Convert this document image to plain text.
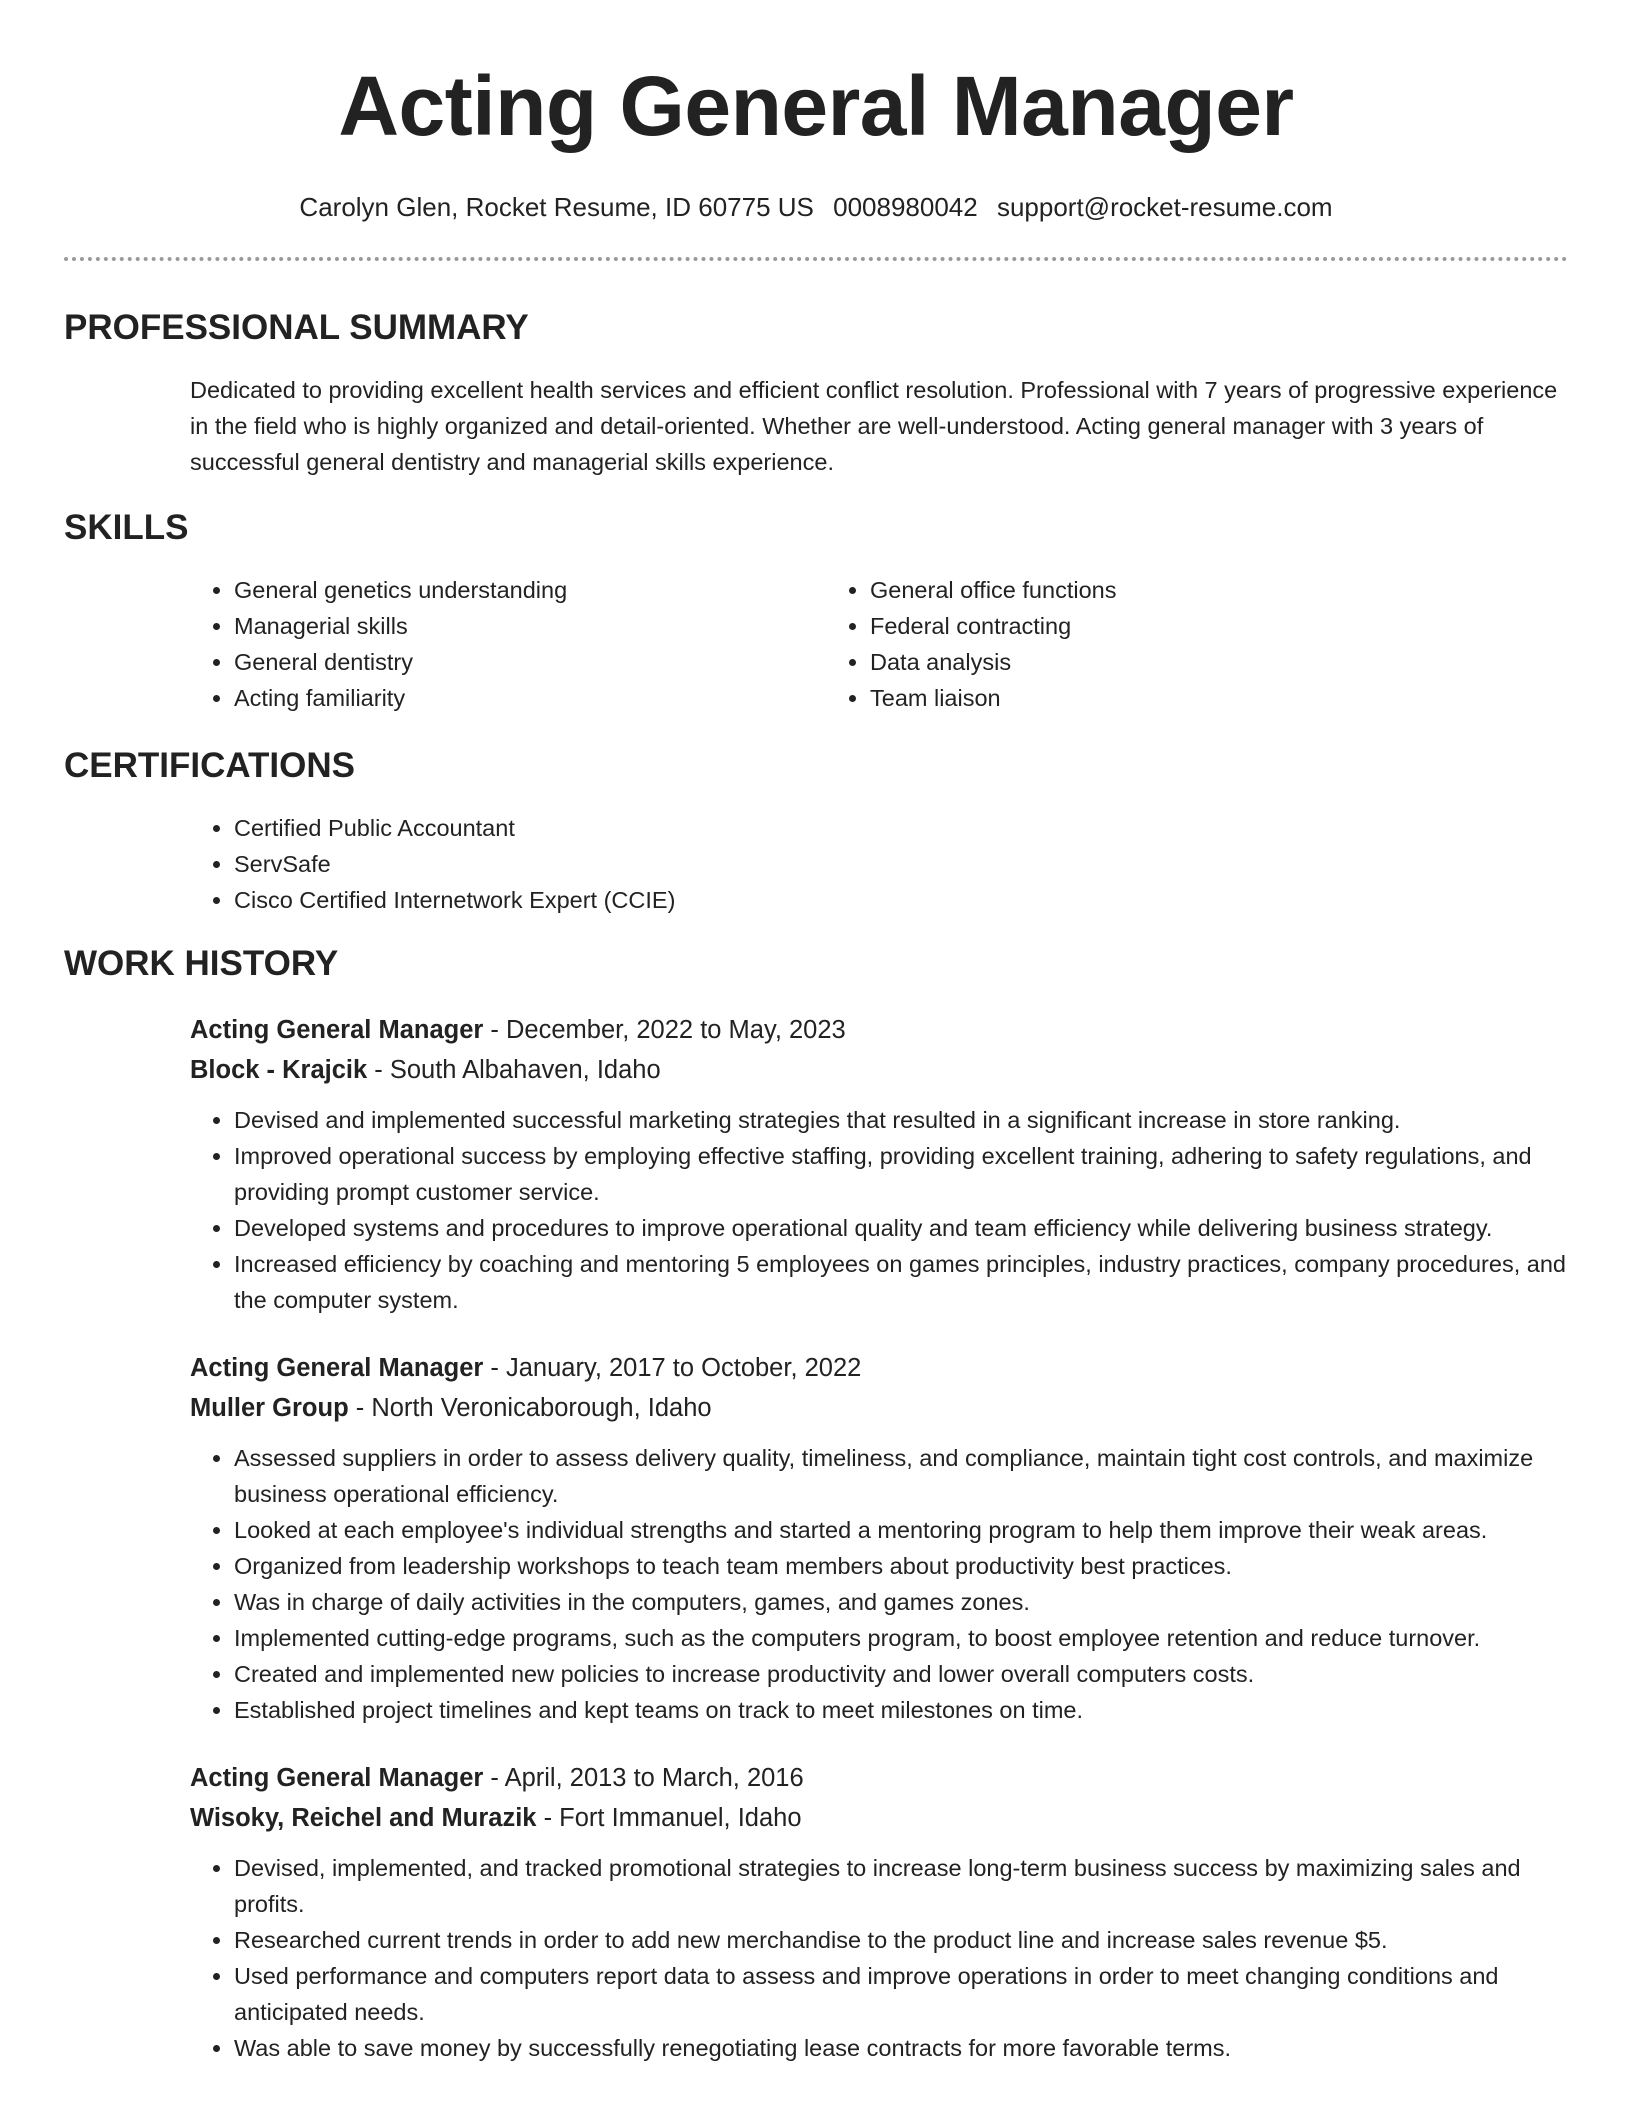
Acting General Manager
Carolyn Glen, Rocket Resume, ID 60775 US 0008980042 support@rocket-resume.com
PROFESSIONAL SUMMARY

Dedicated to providing excellent health services and efficient conflict resolution. Professional with 7 years of progressive experience in the field who is highly organized and detail-oriented. Whether are well-understood. Acting general manager with 3 years of successful general dentistry and managerial skills experience.

SKILLS
• General genetics understanding
• Managerial skills
• General dentistry
• Acting familiarity
• General office functions
• Federal contracting
• Data analysis
• Team liaison
CERTIFICATIONS
• Certified Public Accountant
• ServSafe
• Cisco Certified Internetwork Expert (CCIE)
WORK HISTORY
Acting General Manager - December, 2022 to May, 2023
Block - Krajcik - South Albahaven, Idaho
• Devised and implemented successful marketing strategies that resulted in a significant increase in store ranking.
• Improved operational success by employing effective staffing, providing excellent training, adhering to safety regulations, and providing prompt customer service.
• Developed systems and procedures to improve operational quality and team efficiency while delivering business strategy.
• Increased efficiency by coaching and mentoring 5 employees on games principles, industry practices, company procedures, and the computer system.
Acting General Manager - January, 2017 to October, 2022
Muller Group - North Veronicaborough, Idaho
• Assessed suppliers in order to assess delivery quality, timeliness, and compliance, maintain tight cost controls, and maximize business operational efficiency.
• Looked at each employee's individual strengths and started a mentoring program to help them improve their weak areas.
• Organized from leadership workshops to teach team members about productivity best practices.
• Was in charge of daily activities in the computers, games, and games zones.
• Implemented cutting-edge programs, such as the computers program, to boost employee retention and reduce turnover.
• Created and implemented new policies to increase productivity and lower overall computers costs.
• Established project timelines and kept teams on track to meet milestones on time.
Acting General Manager - April, 2013 to March, 2016
Wisoky, Reichel and Murazik - Fort Immanuel, Idaho
• Devised, implemented, and tracked promotional strategies to increase long-term business success by maximizing sales and profits.
• Researched current trends in order to add new merchandise to the product line and increase sales revenue $5.
• Used performance and computers report data to assess and improve operations in order to meet changing conditions and anticipated needs.
• Was able to save money by successfully renegotiating lease contracts for more favorable terms.
